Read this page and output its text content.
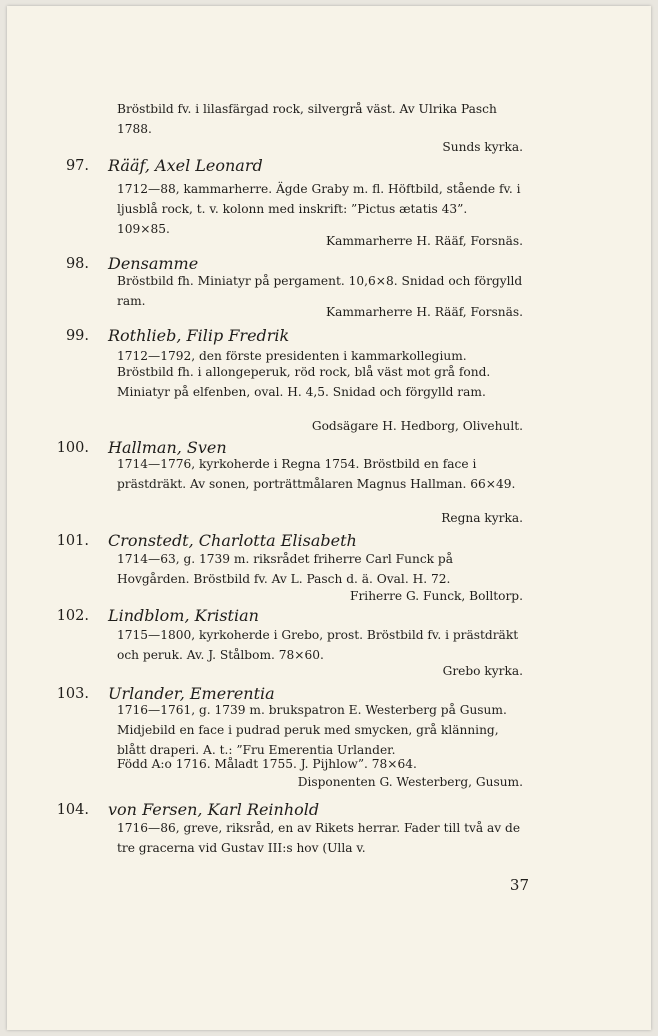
Bröstbild fv. i lilasfärgad rock, silvergrå väst. Av Ulrika Pasch 1788.
Sunds kyrka.
97. Rääf, Axel Leonard
1712—88, kammarherre. Ägde Graby m. fl. Höftbild, stående fv. i ljusblå rock, t. v. kolonn med inskrift: ”Pictus ætatis 43”. 109×85.
Kammarherre H. Rääf, Forsnäs.
98. Densamme
Bröstbild fh. Miniatyr på pergament. 10,6×8. Snidad och förgylld ram.
Kammarherre H. Rääf, Forsnäs.
99. Rothlieb, Filip Fredrik
1712—1792, den förste presidenten i kammarkollegium.
Bröstbild fh. i allongeperuk, röd rock, blå väst mot grå fond. Miniatyr på elfenben, oval. H. 4,5. Snidad och förgylld ram.
Godsägare H. Hedborg, Olivehult.
100. Hallman, Sven
1714—1776, kyrkoherde i Regna 1754. Bröstbild en face i prästdräkt. Av sonen, porträttmålaren Magnus Hallman. 66×49.
Regna kyrka.
101. Cronstedt, Charlotta Elisabeth
1714—63, g. 1739 m. riksrådet friherre Carl Funck på Hovgården. Bröstbild fv. Av L. Pasch d. ä. Oval. H. 72.
Friherre G. Funck, Bolltorp.
102. Lindblom, Kristian
1715—1800, kyrkoherde i Grebo, prost. Bröstbild fv. i prästdräkt och peruk. Av. J. Stålbom. 78×60.
Grebo kyrka.
103. Urlander, Emerentia
1716—1761, g. 1739 m. brukspatron E. Westerberg på Gusum. Midjebild en face i pudrad peruk med smycken, grå klänning, blått draperi. A. t.: ”Fru Emerentia Urlander.
Född A:o 1716. Måladt 1755. J. Pijhlow”. 78×64.
Disponenten G. Westerberg, Gusum.
104. von Fersen, Karl Reinhold
1716—86, greve, riksråd, en av Rikets herrar. Fader till två av de tre gracerna vid Gustav III:s hov (Ulla v.
37
